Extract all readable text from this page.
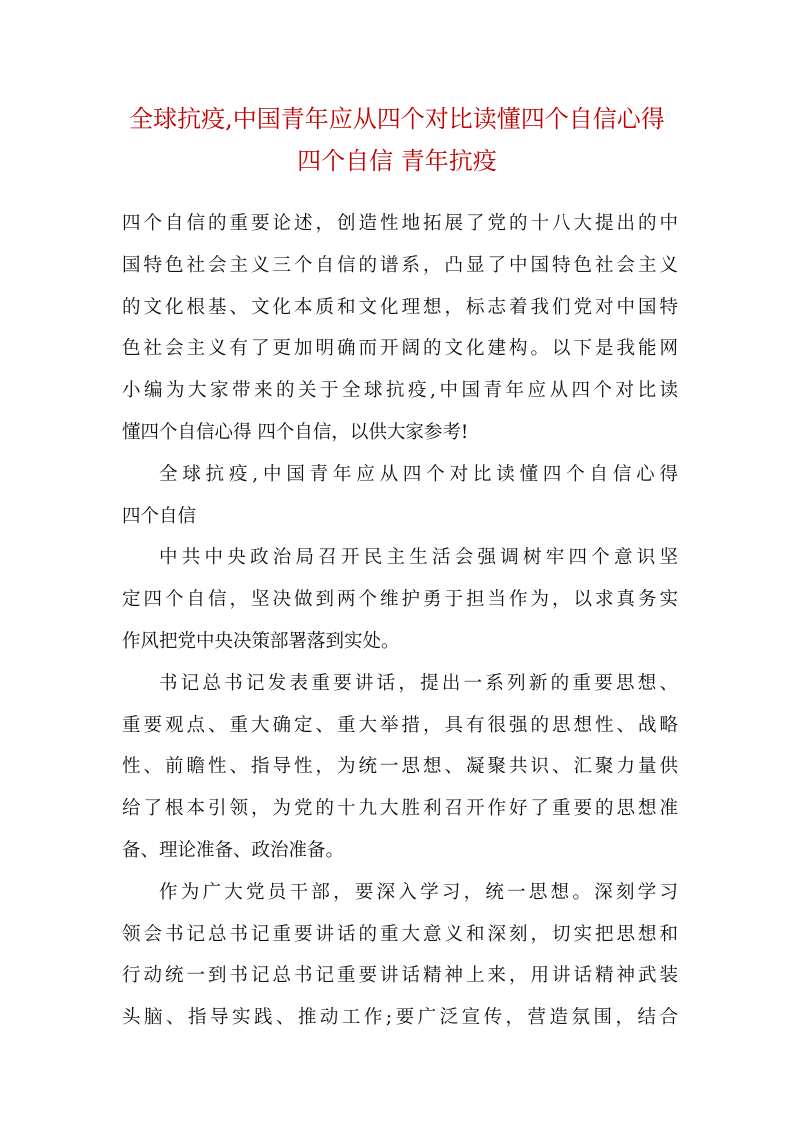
全球抗疫,中国青年应从四个对比读懂四个自信心得
四个自信 青年抗疫
四个自信的重要论述，创造性地拓展了党的十八大提出的中
国特色社会主义三个自信的谱系，凸显了中国特色社会主义
的文化根基、文化本质和文化理想，标志着我们党对中国特
色社会主义有了更加明确而开阔的文化建构。以下是我能网
小编为大家带来的关于全球抗疫,中国青年应从四个对比读
懂四个自信心得 四个自信，以供大家参考!
全球抗疫,中国青年应从四个对比读懂四个自信心得
四个自信
中共中央政治局召开民主生活会强调树牢四个意识坚
定四个自信，坚决做到两个维护勇于担当作为，以求真务实
作风把党中央决策部署落到实处。
书记总书记发表重要讲话，提出一系列新的重要思想、
重要观点、重大确定、重大举措，具有很强的思想性、战略
性、前瞻性、指导性，为统一思想、凝聚共识、汇聚力量供
给了根本引领，为党的十九大胜利召开作好了重要的思想准
备、理论准备、政治准备。
作为广大党员干部，要深入学习，统一思想。深刻学习
领会书记总书记重要讲话的重大意义和深刻，切实把思想和
行动统一到书记总书记重要讲话精神上来，用讲话精神武装
头脑、指导实践、推动工作;要广泛宣传，营造氛围，结合
